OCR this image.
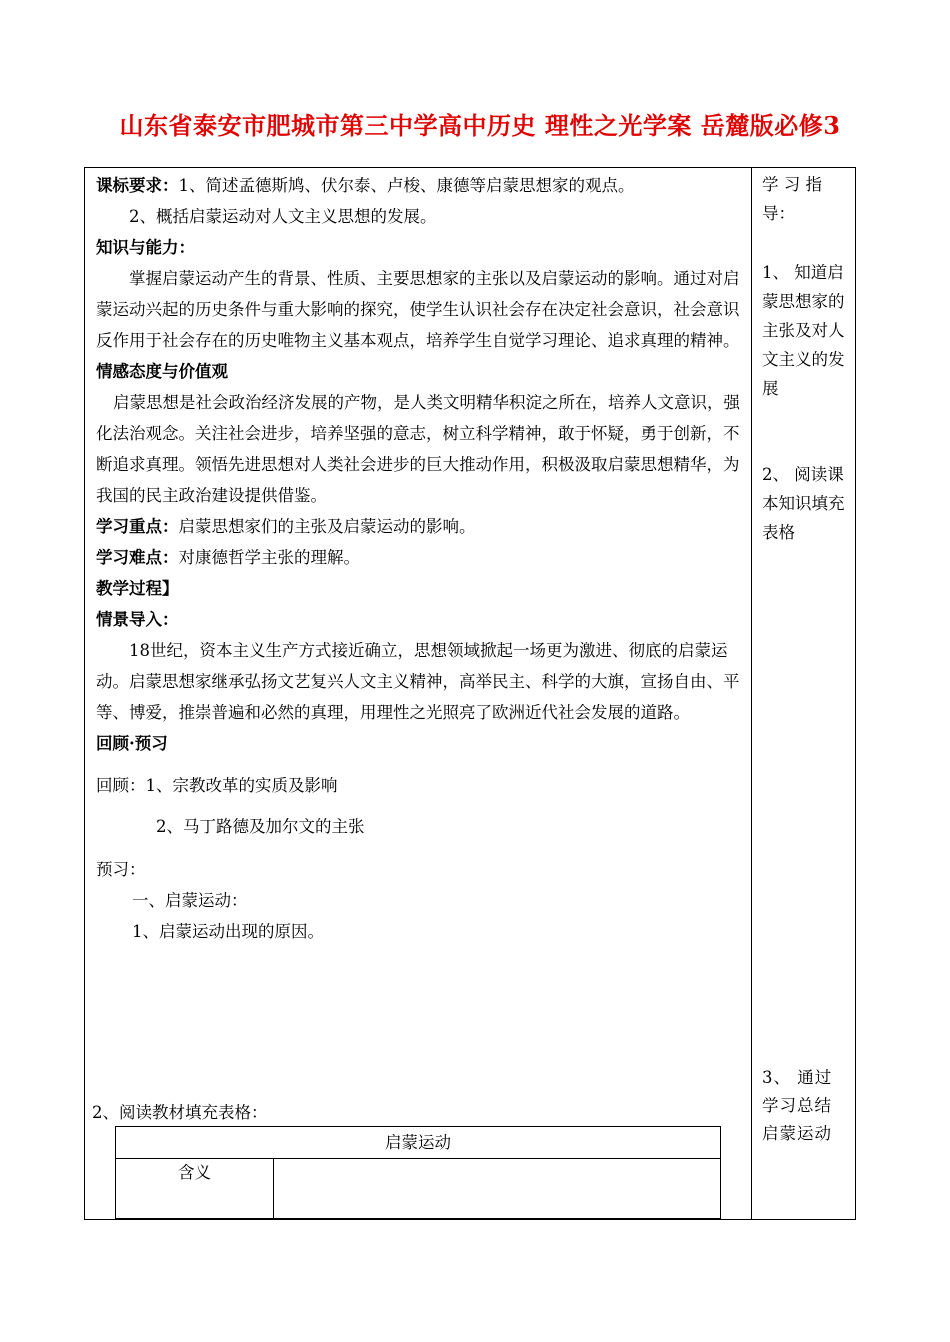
山东省泰安市肥城市第三中学高中历史 理性之光学案 岳麓版必修3

课标要求：1、简述孟德斯鸠、伏尔泰、卢梭、康德等启蒙思想家的观点。

2、概括启蒙运动对人文主义思想的发展。

知识与能力：

掌握启蒙运动产生的背景、性质、主要思想家的主张以及启蒙运动的影响。通过对启蒙运动兴起的历史条件与重大影响的探究，使学生认识社会存在决定社会意识，社会意识反作用于社会存在的历史唯物主义基本观点，培养学生自觉学习理论、追求真理的精神。

情感态度与价值观

启蒙思想是社会政治经济发展的产物，是人类文明精华积淀之所在，培养人文意识，强化法治观念。关注社会进步，培养坚强的意志，树立科学精神，敢于怀疑，勇于创新，不断追求真理。领悟先进思想对人类社会进步的巨大推动作用，积极汲取启蒙思想精华，为我国的民主政治建设提供借鉴。

学习重点：启蒙思想家们的主张及启蒙运动的影响。

学习难点：对康德哲学主张的理解。

教学过程】

情景导入：

18世纪，资本主义生产方式接近确立，思想领域掀起一场更为激进、彻底的启蒙运动。启蒙思想家继承弘扬文艺复兴人文主义精神，高举民主、科学的大旗，宣扬自由、平等、博爱，推崇普遍和必然的真理，用理性之光照亮了欧洲近代社会发展的道路。

回顾·预习

回顾：1、宗教改革的实质及影响

2、马丁路德及加尔文的主张

预习：

一、启蒙运动：

1、启蒙运动出现的原因。

2、阅读教材填充表格：
启蒙运动
含义
学 习 指 导：
1、 知道启蒙思想家的主张及对人文主义的发展
2、 阅读课本知识填充表格
3、 通过学习总结启蒙运动
